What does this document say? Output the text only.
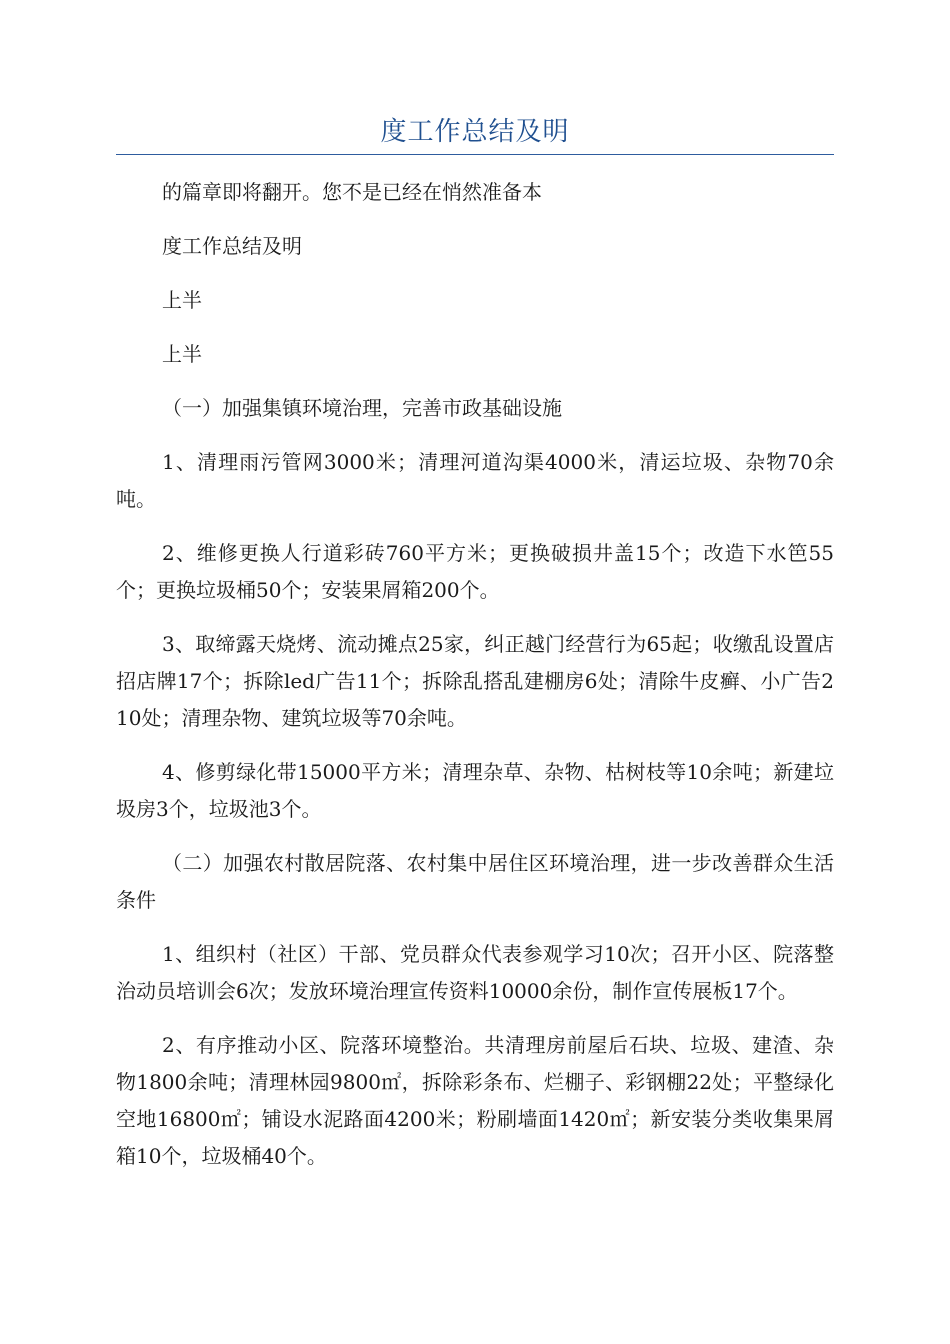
度工作总结及明

的篇章即将翻开。您不是已经在悄然准备本

度工作总结及明

上半

上半

（一）加强集镇环境治理，完善市政基础设施

1、清理雨污管网3000米；清理河道沟渠4000米，清运垃圾、杂物70余吨。

2、维修更换人行道彩砖760平方米；更换破损井盖15个；改造下水笆55个；更换垃圾桶50个；安装果屑箱200个。

3、取缔露天烧烤、流动摊点25家，纠正越门经营行为65起；收缴乱设置店招店牌17个；拆除led广告11个；拆除乱搭乱建棚房6处；清除牛皮癣、小广告210处；清理杂物、建筑垃圾等70余吨。

4、修剪绿化带15000平方米；清理杂草、杂物、枯树枝等10余吨；新建垃圾房3个，垃圾池3个。

（二）加强农村散居院落、农村集中居住区环境治理，进一步改善群众生活条件

1、组织村（社区）干部、党员群众代表参观学习10次；召开小区、院落整治动员培训会6次；发放环境治理宣传资料10000余份，制作宣传展板17个。

2、有序推动小区、院落环境整治。共清理房前屋后石块、垃圾、建渣、杂物1800余吨；清理林园9800㎡，拆除彩条布、烂棚子、彩钢棚22处；平整绿化空地16800㎡；铺设水泥路面4200米；粉刷墙面1420㎡；新安装分类收集果屑箱10个，垃圾桶40个。
